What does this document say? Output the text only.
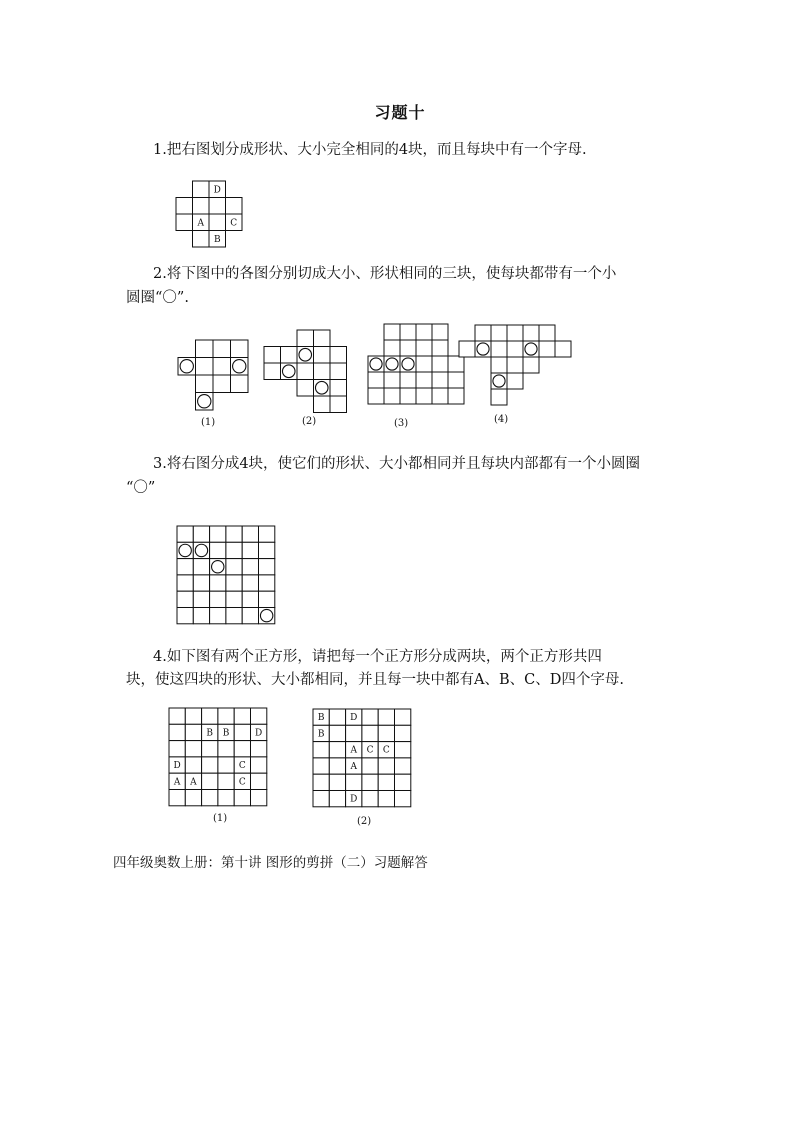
习题十
1.把右图划分成形状、大小完全相同的4块，而且每块中有一个字母.
D
A	C
B
2.将下图中的各图分别切成大小、形状相同的三块，使每块都带有一个小
圆圈“〇”.
(1)	(2)	(3)	(4)
3.将右图分成4块，使它们的形状、大小都相同并且每块内部都有一个小圆圈
“〇”
4.如下图有两个正方形，请把每一个正方形分成两块，两个正方形共四
块，使这四块的形状、大小都相同，并且每一块中都有A、B、C、D四个字母.
B B	D
D	C
A A	C
B	D
B
A C C
A
D
(1)	(2)
四年级奥数上册：第十讲 图形的剪拼（二）习题解答
